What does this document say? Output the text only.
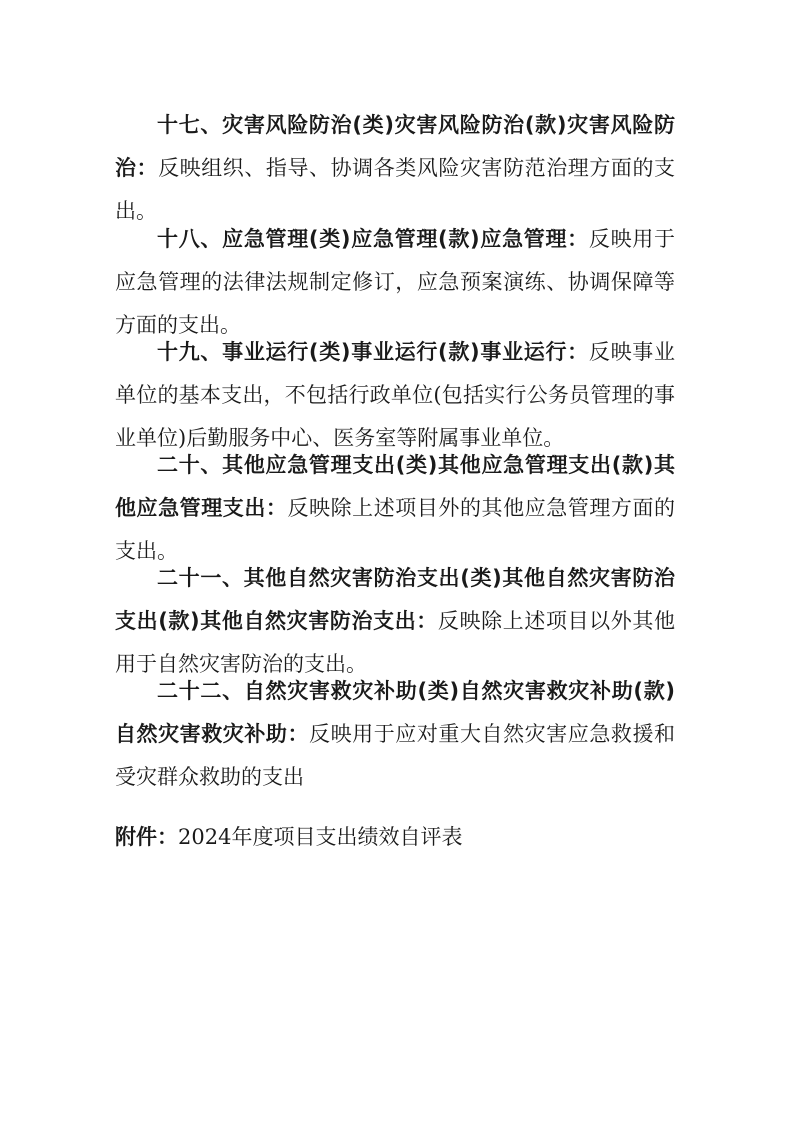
十七、灾害风险防治(类)灾害风险防治(款)灾害风险防治：反映组织、指导、协调各类风险灾害防范治理方面的支出。

十八、应急管理(类)应急管理(款)应急管理：反映用于应急管理的法律法规制定修订，应急预案演练、协调保障等方面的支出。

十九、事业运行(类)事业运行(款)事业运行：反映事业单位的基本支出，不包括行政单位(包括实行公务员管理的事业单位)后勤服务中心、医务室等附属事业单位。

二十、其他应急管理支出(类)其他应急管理支出(款)其他应急管理支出：反映除上述项目外的其他应急管理方面的支出。

二十一、其他自然灾害防治支出(类)其他自然灾害防治支出(款)其他自然灾害防治支出：反映除上述项目以外其他用于自然灾害防治的支出。

二十二、自然灾害救灾补助(类)自然灾害救灾补助(款)自然灾害救灾补助：反映用于应对重大自然灾害应急救援和受灾群众救助的支出

附件：2024年度项目支出绩效自评表
